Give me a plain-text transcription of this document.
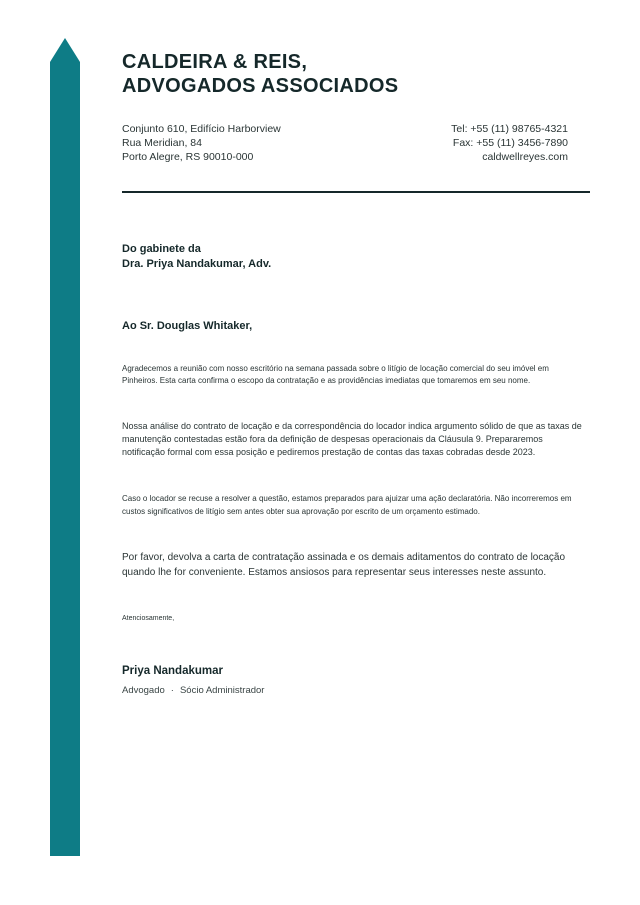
CALDEIRA & REIS,
ADVOGADOS ASSOCIADOS
Conjunto 610, Edifício Harborview
Rua Meridian, 84
Porto Alegre, RS 90010-000
Tel: +55 (11) 98765-4321
Fax: +55 (11) 3456-7890
caldwellreyes.com
Do gabinete da
Dra. Priya Nandakumar, Adv.
Ao Sr. Douglas Whitaker,

Agradecemos a reunião com nosso escritório na semana passada sobre o litígio de locação comercial do seu imóvel em Pinheiros. Esta carta confirma o escopo da contratação e as providências imediatas que tomaremos em seu nome.

Nossa análise do contrato de locação e da correspondência do locador indica argumento sólido de que as taxas de manutenção contestadas estão fora da definição de despesas operacionais da Cláusula 9. Prepararemos notificação formal com essa posição e pediremos prestação de contas das taxas cobradas desde 2023.

Caso o locador se recuse a resolver a questão, estamos preparados para ajuizar uma ação declaratória. Não incorreremos em custos significativos de litígio sem antes obter sua aprovação por escrito de um orçamento estimado.

Por favor, devolva a carta de contratação assinada e os demais aditamentos do contrato de locação quando lhe for conveniente. Estamos ansiosos para representar seus interesses neste assunto.

Atenciosamente,
Priya Nandakumar
Advogado · Sócio Administrador
